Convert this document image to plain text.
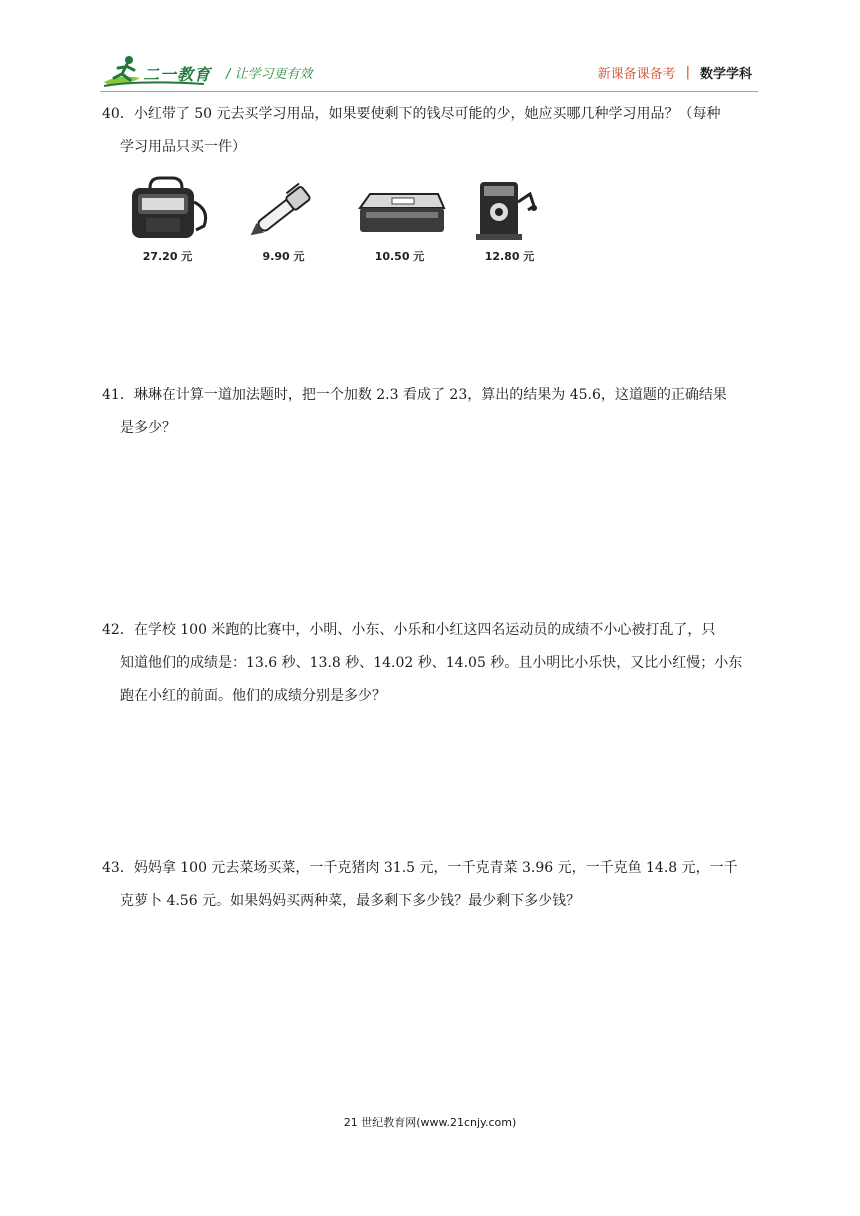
二一教育 / 让学习更有效	新课备课备考 | 数学学科
40．小红带了 50 元去买学习用品，如果要使剩下的钱尽可能的少，她应买哪几种学习用品？（每种
学习用品只买一件）
27.20 元	9.90 元	10.50 元	12.80 元
41．琳琳在计算一道加法题时，把一个加数 2.3 看成了 23，算出的结果为 45.6，这道题的正确结果
是多少？
42．在学校 100 米跑的比赛中，小明、小东、小乐和小红这四名运动员的成绩不小心被打乱了，只
知道他们的成绩是：13.6 秒、13.8 秒、14.02 秒、14.05 秒。且小明比小乐快，又比小红慢；小东
跑在小红的前面。他们的成绩分别是多少？
43．妈妈拿 100 元去菜场买菜，一千克猪肉 31.5 元，一千克青菜 3.96 元，一千克鱼 14.8 元，一千
克萝卜 4.56 元。如果妈妈买两种菜，最多剩下多少钱？最少剩下多少钱？
21 世纪教育网(www.21cnjy.com)
